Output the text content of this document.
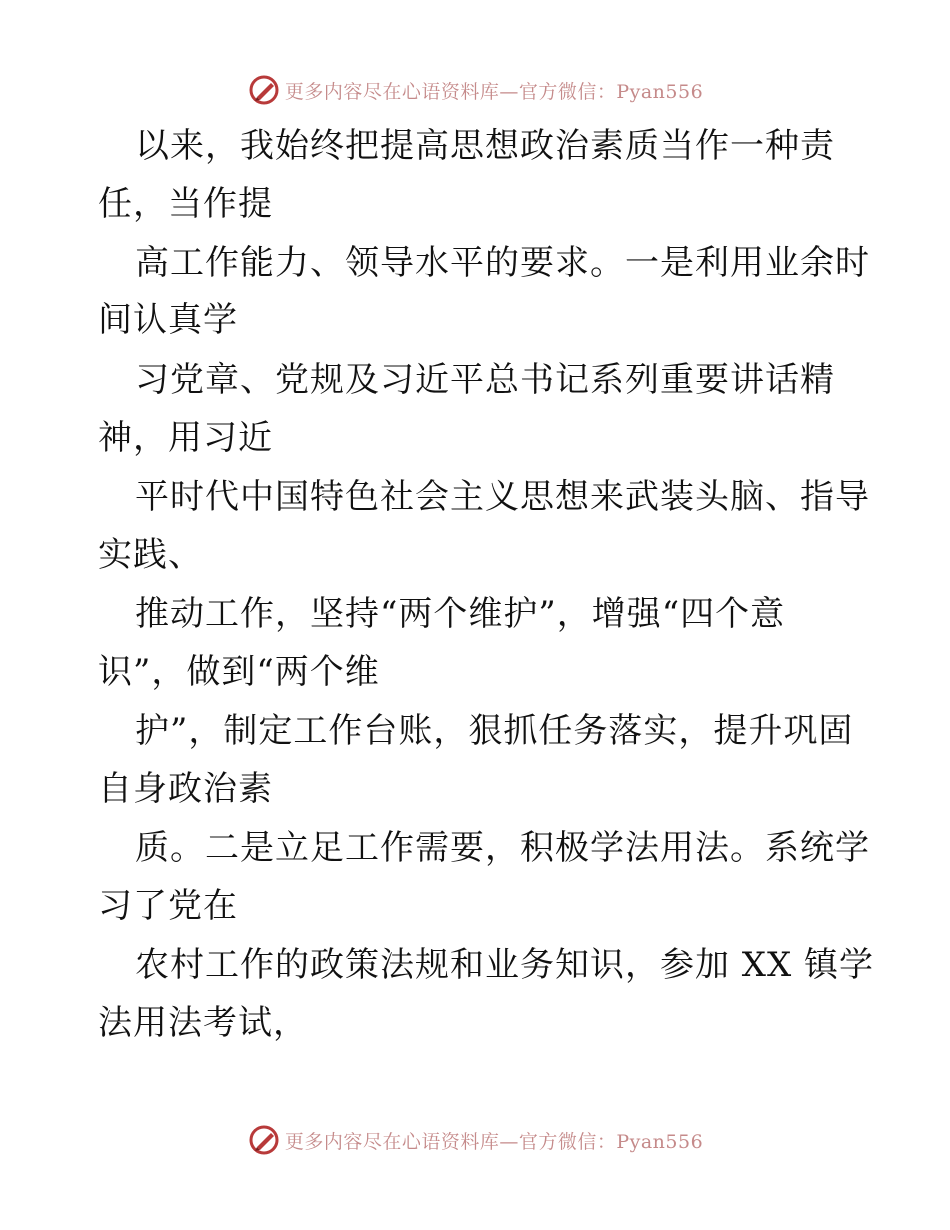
更多内容尽在心语资料库—官方微信：Pyan556
以来，我始终把提高思想政治素质当作一种责
任，当作提
高工作能力、领导水平的要求。一是利用业余时
间认真学
习党章、党规及习近平总书记系列重要讲话精
神，用习近
平时代中国特色社会主义思想来武装头脑、指导
实践、
推动工作，坚持“两个维护”，增强“四个意
识”，做到“两个维
护”，制定工作台账，狠抓任务落实，提升巩固
自身政治素
质。二是立足工作需要，积极学法用法。系统学
习了党在
农村工作的政策法规和业务知识，参加 XX 镇学
法用法考试，
更多内容尽在心语资料库—官方微信：Pyan556
